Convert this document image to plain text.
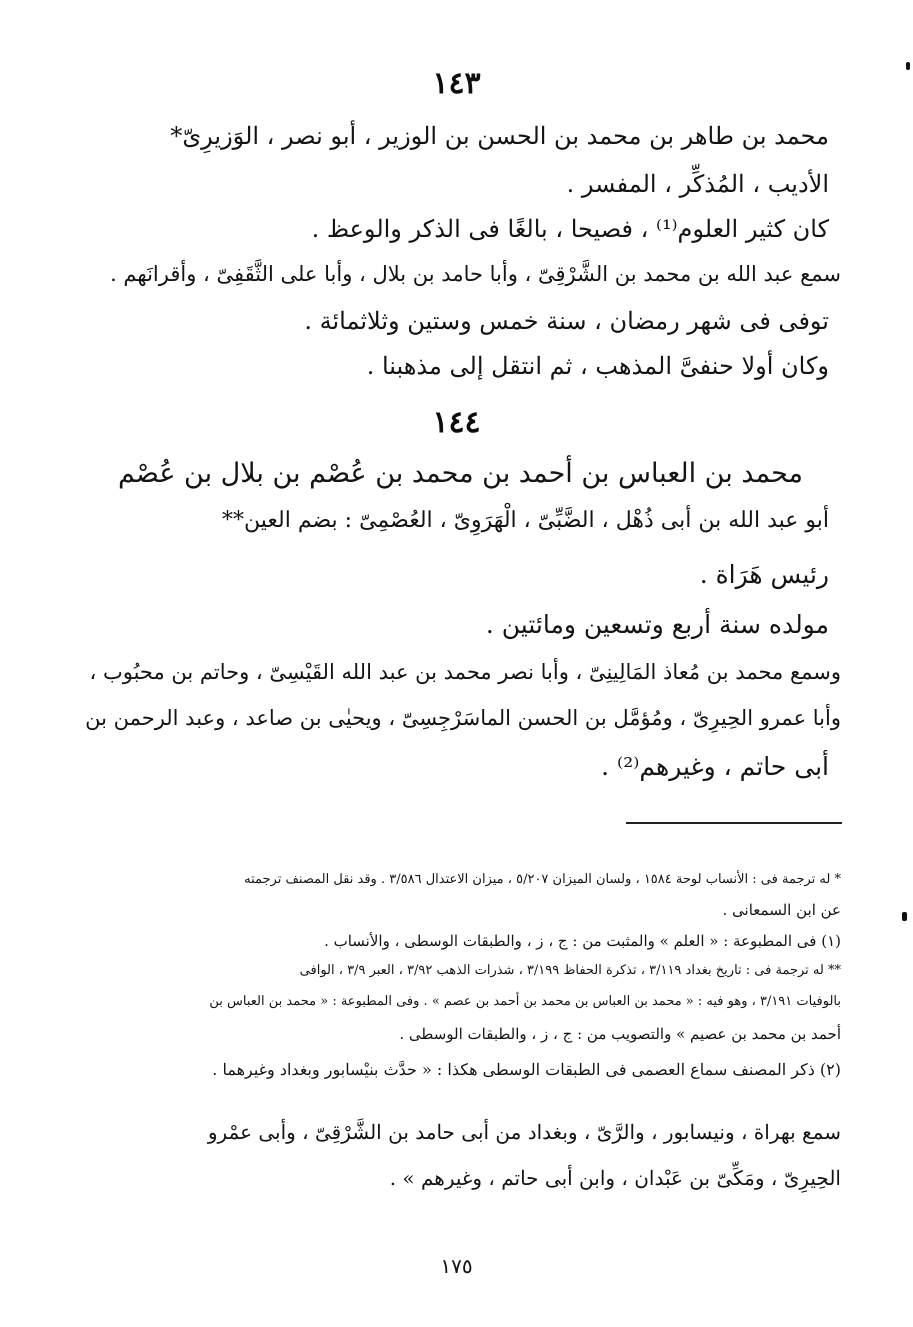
١٤٣
محمد بن طاهر بن محمد بن الحسن بن الوزير ، أبو نصر ، الوَزيرِىّ*
الأديب ، المُذكِّر ، المفسر .
كان كثير العلوم⁽¹⁾ ، فصيحا ، بالغًا فى الذكر والوعظ .
سمع عبد الله بن محمد بن الشَّرْقِىّ ، وأبا حامد بن بلال ، وأبا على الثَّقَفِىّ ، وأقرانَهم .
توفى فى شهر رمضان ، سنة خمس وستين وثلاثمائة .
وكان أولا حنفىَّ المذهب ، ثم انتقل إلى مذهبنا .
١٤٤
محمد بن العباس بن أحمد بن محمد بن عُصْم بن بلال بن عُصْم
أبو عبد الله بن أبى ذُهْل ، الضَّبِّىّ ، الْهَرَوِىّ ، العُصْمِىّ : بضم العين**
رئيس هَرَاة .
مولده سنة أربع وتسعين ومائتين .
وسمع محمد بن مُعاذ المَالِينِىّ ، وأبا نصر محمد بن عبد الله القَيْسِىّ ، وحاتم بن محبُوب ،
وأبا عمرو الحِيرِىّ ، ومُؤمَّل بن الحسن الماسَرْجِسِىّ ، ويحيٰى بن صاعد ، وعبد الرحمن بن
أبى حاتم ، وغيرهم⁽²⁾ .
* له ترجمة فى : الأنساب لوحة ١٥٨٤ ، ولسان الميزان ٥/٢٠٧ ، ميزان الاعتدال ٣/٥٨٦ . وقد نقل المصنف ترجمته
عن ابن السمعانى .
(١) فى المطبوعة : « العلم » والمثبت من : ج ، ز ، والطبقات الوسطى ، والأنساب .
** له ترجمة فى : تاريخ بغداد ٣/١١٩ ، تذكرة الحفاظ ٣/١٩٩ ، شذرات الذهب ٣/٩٢ ، العبر ٣/٩ ، الوافى
بالوفيات ٣/١٩١ ، وهو فيه : « محمد بن العباس بن محمد بن أحمد بن عصم » . وفى المطبوعة : « محمد بن العباس بن
أحمد بن محمد بن عصيم » والتصويب من : ج ، ز ، والطبقات الوسطى .
(٢) ذكر المصنف سماع العصمى فى الطبقات الوسطى هكذا : « حدَّث بنيْسابور وبغداد وغيرهما .
سمع بهراة ، ونيسابور ، والرَّىّ ، وبغداد من أبى حامد بن الشَّرْقِىّ ، وأبى عمْرو
الحِيرِىّ ، ومَكِّىّ بن عَبْدان ، وابن أبى حاتم ، وغيرهم » .
١٧٥
